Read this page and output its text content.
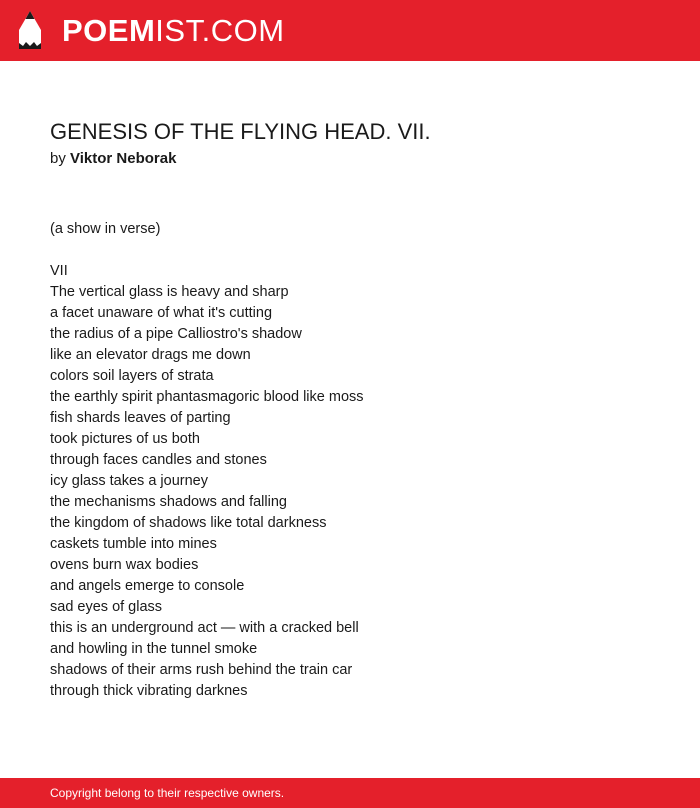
POEMIST.COM
GENESIS OF THE FLYING HEAD. VII.
by Viktor Neborak
(a show in verse)
VII
The vertical glass is heavy and sharp
a facet unaware of what it's cutting
the radius of a pipe Calliostro's shadow
like an elevator drags me down
colors soil layers of strata
the earthly spirit phantasmagoric blood like moss
fish shards leaves of parting
took pictures of us both
through faces candles and stones
icy glass takes a journey
the mechanisms shadows and falling
the kingdom of shadows like total darkness
caskets tumble into mines
ovens burn wax bodies
and angels emerge to console
sad eyes of glass
this is an underground act — with a cracked bell
and howling in the tunnel smoke
shadows of their arms rush behind the train car
through thick vibrating darknes
Copyright belong to their respective owners.
